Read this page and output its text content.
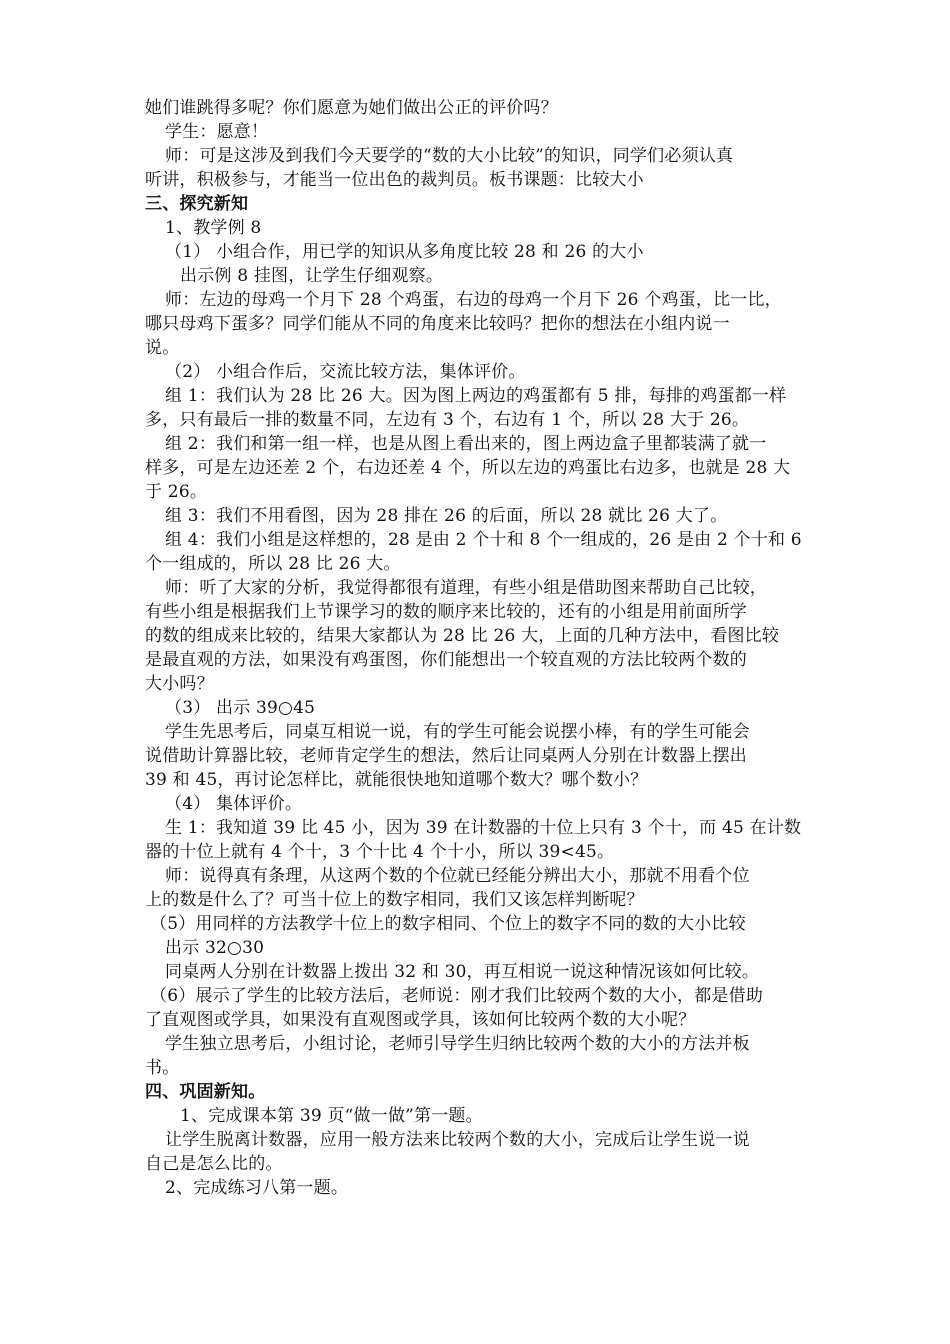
她们谁跳得多呢？你们愿意为她们做出公正的评价吗？
学生：愿意！
师：可是这涉及到我们今天要学的“数的大小比较”的知识，同学们必须认真
听讲，积极参与，才能当一位出色的裁判员。板书课题：比较大小
三、探究新知
1、教学例 8
（1） 小组合作，用已学的知识从多角度比较 28 和 26 的大小
出示例 8 挂图，让学生仔细观察。
师：左边的母鸡一个月下 28 个鸡蛋，右边的母鸡一个月下 26 个鸡蛋，比一比，
哪只母鸡下蛋多？同学们能从不同的角度来比较吗？把你的想法在小组内说一
说。
（2） 小组合作后，交流比较方法，集体评价。
组 1：我们认为 28 比 26 大。因为图上两边的鸡蛋都有 5 排，每排的鸡蛋都一样
多，只有最后一排的数量不同，左边有 3 个，右边有 1 个，所以 28 大于 26。
组 2：我们和第一组一样，也是从图上看出来的，图上两边盒子里都装满了就一
样多，可是左边还差 2 个，右边还差 4 个，所以左边的鸡蛋比右边多，也就是 28 大
于 26。
组 3：我们不用看图，因为 28 排在 26 的后面，所以 28 就比 26 大了。
组 4：我们小组是这样想的，28 是由 2 个十和 8 个一组成的，26 是由 2 个十和 6
个一组成的，所以 28 比 26 大。
师：听了大家的分析，我觉得都很有道理，有些小组是借助图来帮助自己比较，
有些小组是根据我们上节课学习的数的顺序来比较的，还有的小组是用前面所学
的数的组成来比较的，结果大家都认为 28 比 26 大，上面的几种方法中，看图比较
是最直观的方法，如果没有鸡蛋图，你们能想出一个较直观的方法比较两个数的
大小吗？
（3） 出示 39○45
学生先思考后，同桌互相说一说，有的学生可能会说摆小棒，有的学生可能会
说借助计算器比较，老师肯定学生的想法，然后让同桌两人分别在计数器上摆出
39 和 45，再讨论怎样比，就能很快地知道哪个数大？哪个数小？
（4） 集体评价。
生 1：我知道 39 比 45 小，因为 39 在计数器的十位上只有 3 个十，而 45 在计数
器的十位上就有 4 个十，3 个十比 4 个十小，所以 39<45。
师：说得真有条理，从这两个数的个位就已经能分辨出大小，那就不用看个位
上的数是什么了？可当十位上的数字相同，我们又该怎样判断呢？
（5）用同样的方法教学十位上的数字相同、个位上的数字不同的数的大小比较
出示 32○30
同桌两人分别在计数器上拨出 32 和 30，再互相说一说这种情况该如何比较。
（6）展示了学生的比较方法后，老师说：刚才我们比较两个数的大小，都是借助
了直观图或学具，如果没有直观图或学具，该如何比较两个数的大小呢？
学生独立思考后，小组讨论，老师引导学生归纳比较两个数的大小的方法并板
书。
四、巩固新知。
1、完成课本第 39 页“做一做”第一题。
让学生脱离计数器，应用一般方法来比较两个数的大小，完成后让学生说一说
自己是怎么比的。
2、完成练习八第一题。
